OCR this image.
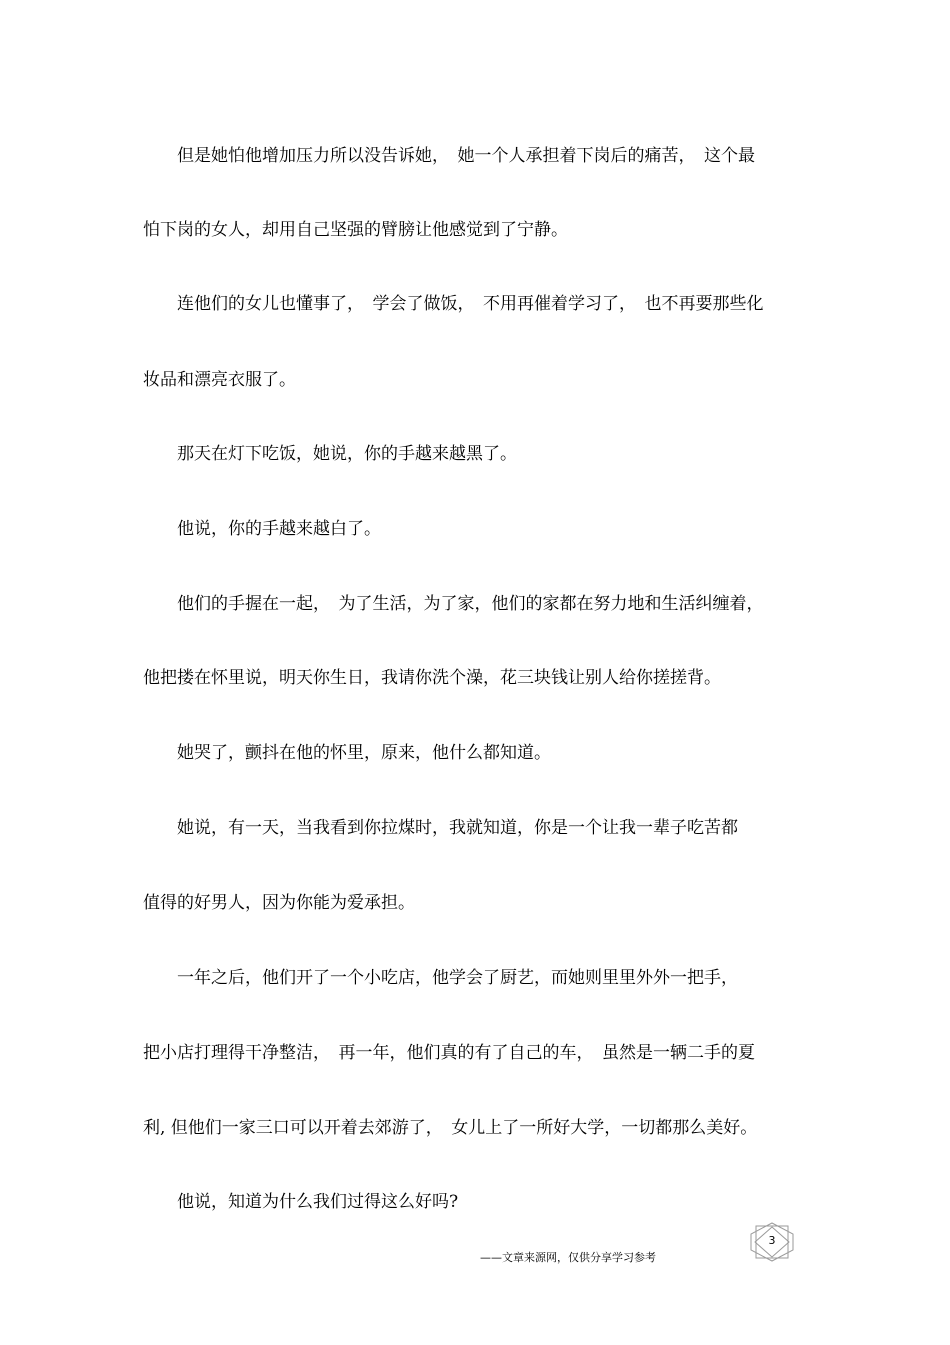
　　但是她怕他增加压力所以没告诉她，　她一个人承担着下岗后的痛苦，　这个最

怕下岗的女人，却用自己坚强的臂膀让他感觉到了宁静。

　　连他们的女儿也懂事了，　学会了做饭，　不用再催着学习了，　也不再要那些化

妆品和漂亮衣服了。

　　那天在灯下吃饭，她说，你的手越来越黑了。

　　他说，你的手越来越白了。

　　他们的手握在一起，　为了生活，为了家，他们的家都在努力地和生活纠缠着，

他把搂在怀里说，明天你生日，我请你洗个澡，花三块钱让别人给你搓搓背。

　　她哭了，颤抖在他的怀里，原来，他什么都知道。

　　她说，有一天，当我看到你拉煤时，我就知道，你是一个让我一辈子吃苦都

值得的好男人，因为你能为爱承担。

　　一年之后，他们开了一个小吃店，他学会了厨艺，而她则里里外外一把手，

把小店打理得干净整洁，　再一年，他们真的有了自己的车，　虽然是一辆二手的夏

利, 但他们一家三口可以开着去郊游了，　女儿上了一所好大学，一切都那么美好。

　　他说，知道为什么我们过得这么好吗?

3
——文章来源网，仅供分享学习参考
